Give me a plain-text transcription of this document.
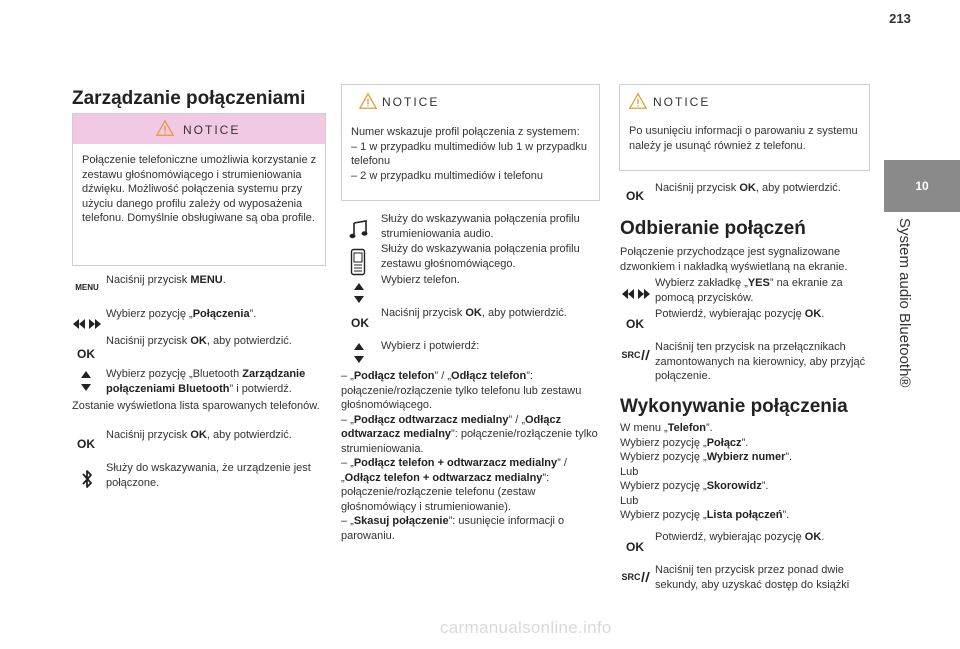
213
10
System audio Bluetooth®
Zarządzanie połączeniami
NOTICE
Połączenie telefoniczne umożliwia korzystanie z zestawu głośnomówiącego i strumieniowania dźwięku. Możliwość połączenia systemu przy użyciu danego profilu zależy od wyposażenia telefonu. Domyślnie obsługiwane są oba profile.
MENU
Naciśnij przycisk MENU.
Wybierz pozycję „Połączenia”.
OK
Naciśnij przycisk OK, aby potwierdzić.
Wybierz pozycję „Bluetooth Zarządzanie połączeniami Bluetooth” i potwierdź.
Zostanie wyświetlona lista sparowanych telefonów.
OK
Naciśnij przycisk OK, aby potwierdzić.
Służy do wskazywania, że urządzenie jest połączone.
NOTICE
Numer wskazuje profil połączenia z systemem:
– 1 w przypadku multimediów lub 1 w przypadku telefonu
– 2 w przypadku multimediów i telefonu
Służy do wskazywania połączenia profilu strumieniowania audio.
Służy do wskazywania połączenia profilu zestawu głośnomówiącego.
Wybierz telefon.
OK
Naciśnij przycisk OK, aby potwierdzić.
Wybierz i potwierdź:
– „Podłącz telefon” / „Odłącz telefon”: połączenie/rozłączenie tylko telefonu lub zestawu głośnomówiącego.
– „Podłącz odtwarzacz medialny” / „Odłącz odtwarzacz medialny”: połączenie/rozłączenie tylko strumieniowania.
– „Podłącz telefon + odtwarzacz medialny” / „Odłącz telefon + odtwarzacz medialny”: połączenie/rozłączenie telefonu (zestaw głośnomówiący i strumieniowanie).
– „Skasuj połączenie”: usunięcie informacji o parowaniu.
NOTICE
Po usunięciu informacji o parowaniu z systemu należy je usunąć również z telefonu.
OK
Naciśnij przycisk OK, aby potwierdzić.
Odbieranie połączeń
Połączenie przychodzące jest sygnalizowane dzwonkiem i nakładką wyświetlaną na ekranie.
Wybierz zakładkę „YES” na ekranie za pomocą przycisków.
OK
Potwierdź, wybierając pozycję OK.
SRC
Naciśnij ten przycisk na przełącznikach zamontowanych na kierownicy, aby przyjąć połączenie.
Wykonywanie połączenia
W menu „Telefon”.
Wybierz pozycję „Połącz”.
Wybierz pozycję „Wybierz numer”.
Lub
Wybierz pozycję „Skorowidz”.
Lub
Wybierz pozycję „Lista połączeń”.
OK
Potwierdź, wybierając pozycję OK.
SRC
Naciśnij ten przycisk przez ponad dwie sekundy, aby uzyskać dostęp do książki
carmanualsonline.info
